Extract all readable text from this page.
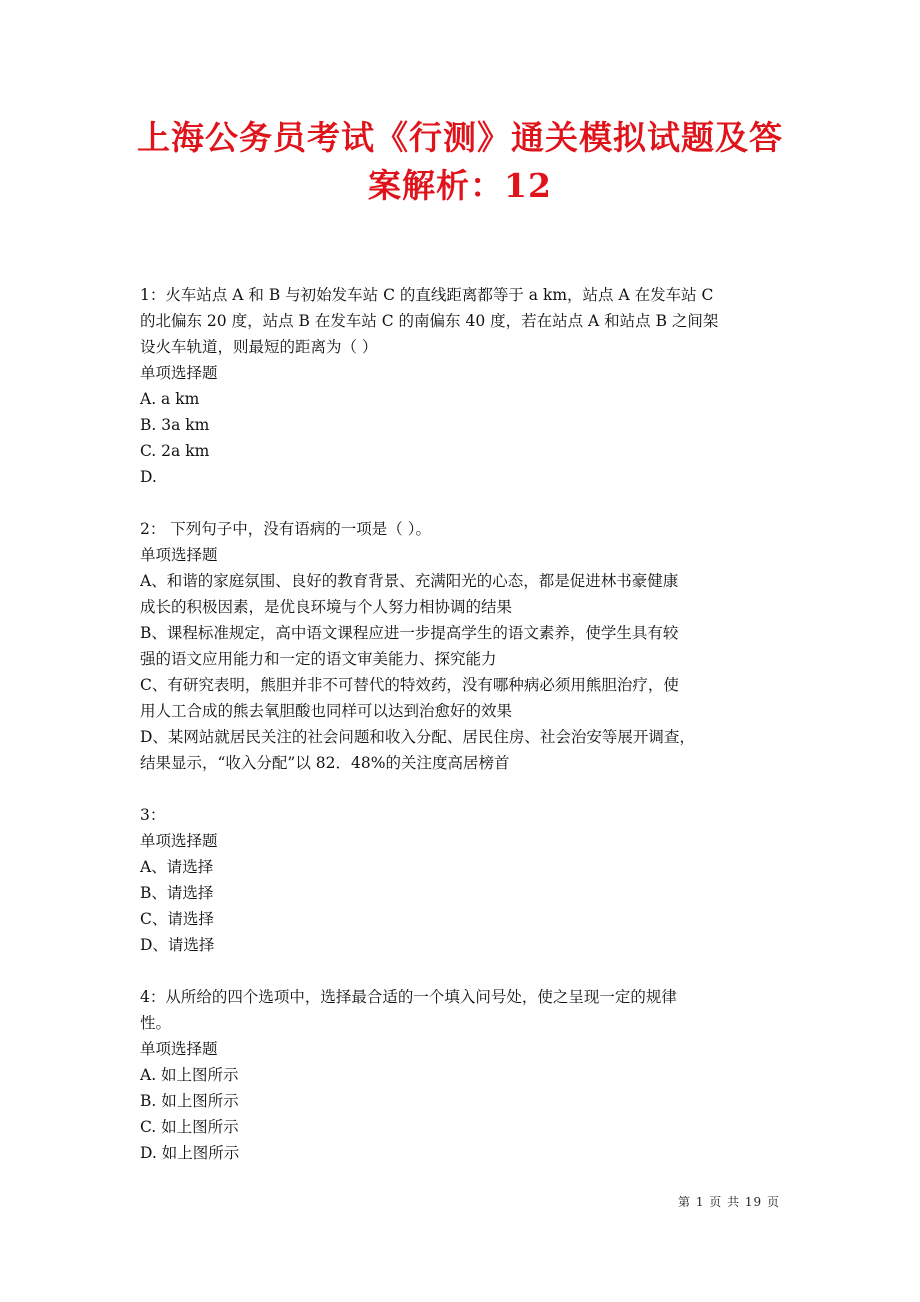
上海公务员考试《行测》通关模拟试题及答
案解析：12
1：火车站点 A 和 B 与初始发车站 C 的直线距离都等于 a km，站点 A 在发车站 C
的北偏东 20 度，站点 B 在发车站 C 的南偏东 40 度，若在站点 A 和站点 B 之间架
设火车轨道，则最短的距离为（ ）
单项选择题
A. a km
B. 3a km
C. 2a km
D.
2： 下列句子中，没有语病的一项是（ ）。
单项选择题
A、和谐的家庭氛围、良好的教育背景、充满阳光的心态，都是促进林书豪健康
成长的积极因素，是优良环境与个人努力相协调的结果
B、课程标准规定，高中语文课程应进一步提高学生的语文素养，使学生具有较
强的语文应用能力和一定的语文审美能力、探究能力
C、有研究表明，熊胆并非不可替代的特效药，没有哪种病必须用熊胆治疗，使
用人工合成的熊去氧胆酸也同样可以达到治愈好的效果
D、某网站就居民关注的社会问题和收入分配、居民住房、社会治安等展开调查，
结果显示，“收入分配”以 82．48%的关注度高居榜首
3：
单项选择题
A、请选择
B、请选择
C、请选择
D、请选择
4：从所给的四个选项中，选择最合适的一个填入问号处，使之呈现一定的规律
性。
单项选择题
A. 如上图所示
B. 如上图所示
C. 如上图所示
D. 如上图所示
第 1 页 共 19 页
